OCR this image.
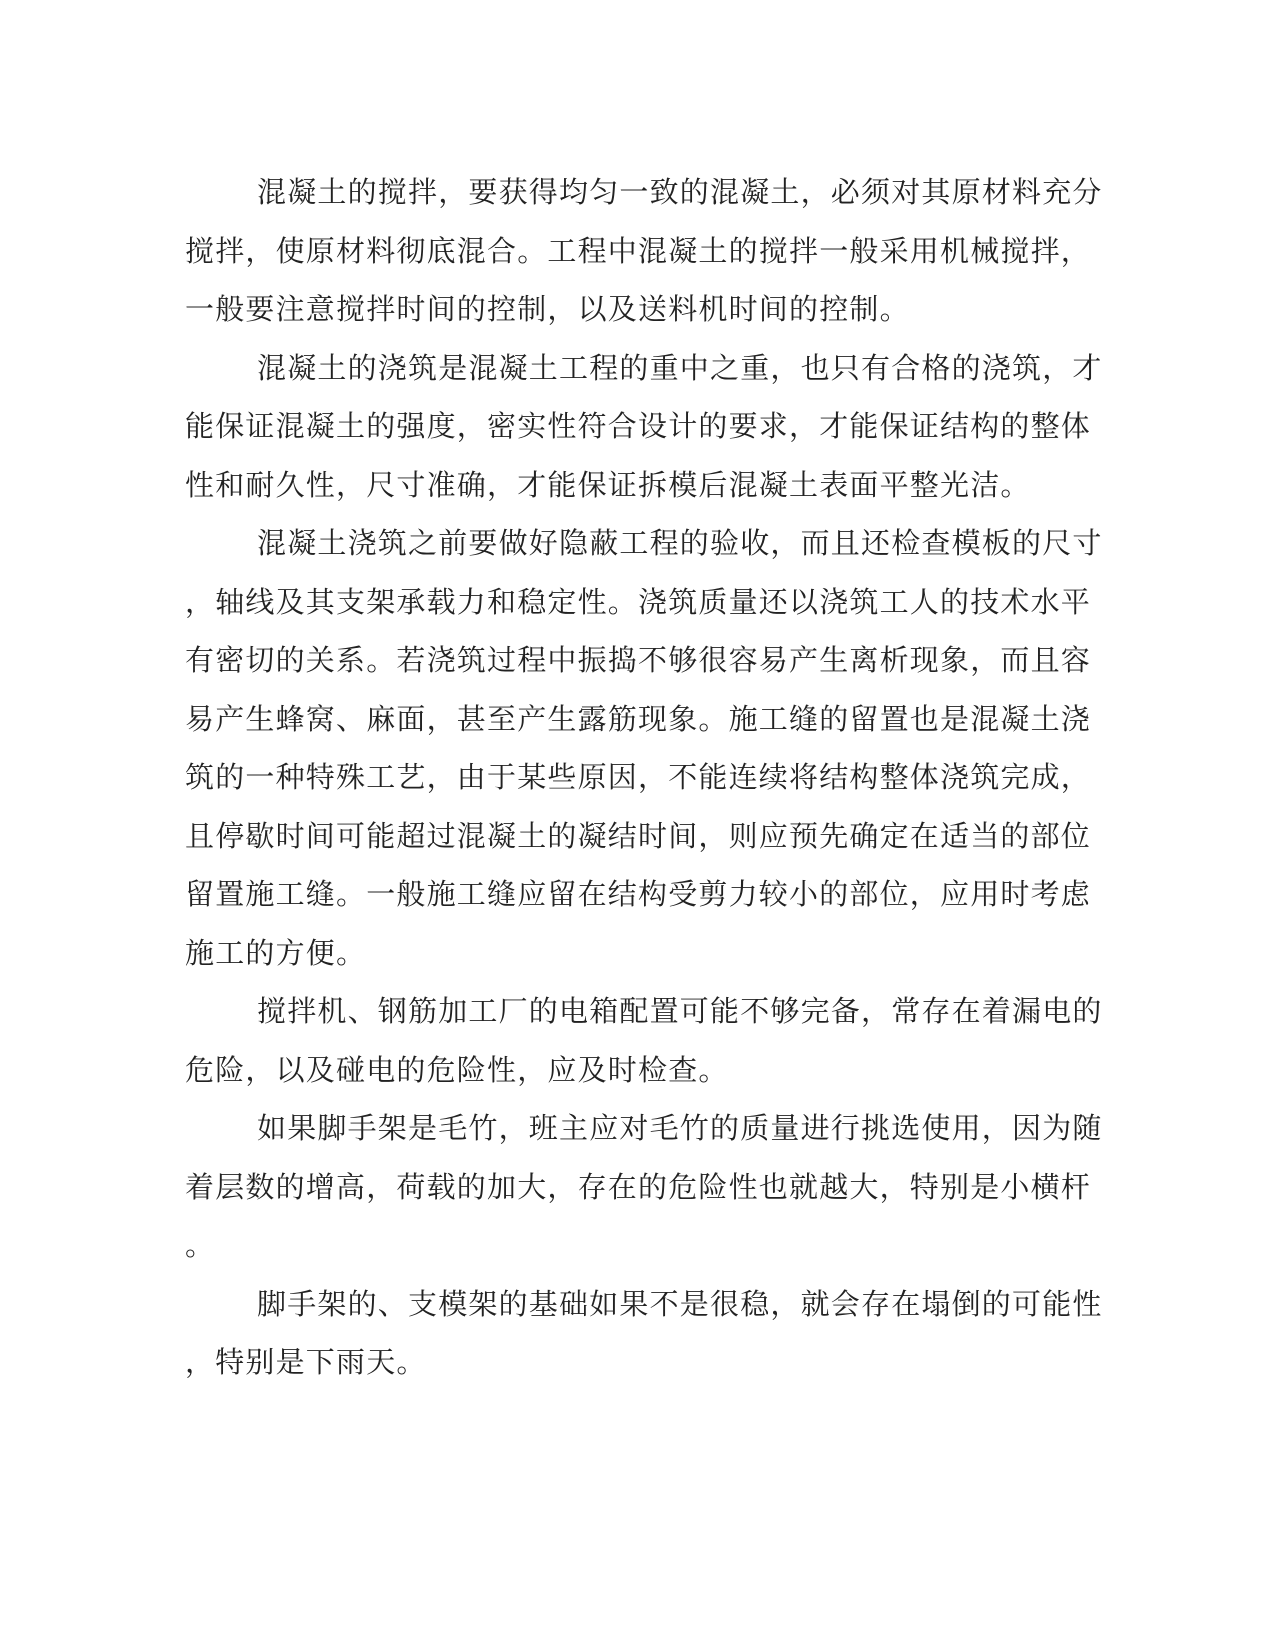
混凝土的搅拌，要获得均匀一致的混凝土，必须对其原材料充分
搅拌，使原材料彻底混合。工程中混凝土的搅拌一般采用机械搅拌，
一般要注意搅拌时间的控制，以及送料机时间的控制。
混凝土的浇筑是混凝土工程的重中之重，也只有合格的浇筑，才
能保证混凝土的强度，密实性符合设计的要求，才能保证结构的整体
性和耐久性，尺寸准确，才能保证拆模后混凝土表面平整光洁。
混凝土浇筑之前要做好隐蔽工程的验收，而且还检查模板的尺寸
，轴线及其支架承载力和稳定性。浇筑质量还以浇筑工人的技术水平
有密切的关系。若浇筑过程中振捣不够很容易产生离析现象，而且容
易产生蜂窝、麻面，甚至产生露筋现象。施工缝的留置也是混凝土浇
筑的一种特殊工艺，由于某些原因，不能连续将结构整体浇筑完成，
且停歇时间可能超过混凝土的凝结时间，则应预先确定在适当的部位
留置施工缝。一般施工缝应留在结构受剪力较小的部位，应用时考虑
施工的方便。
搅拌机、钢筋加工厂的电箱配置可能不够完备，常存在着漏电的
危险，以及碰电的危险性，应及时检查。
如果脚手架是毛竹，班主应对毛竹的质量进行挑选使用，因为随
着层数的增高，荷载的加大，存在的危险性也就越大，特别是小横杆
。
脚手架的、支模架的基础如果不是很稳，就会存在塌倒的可能性
，特别是下雨天。
